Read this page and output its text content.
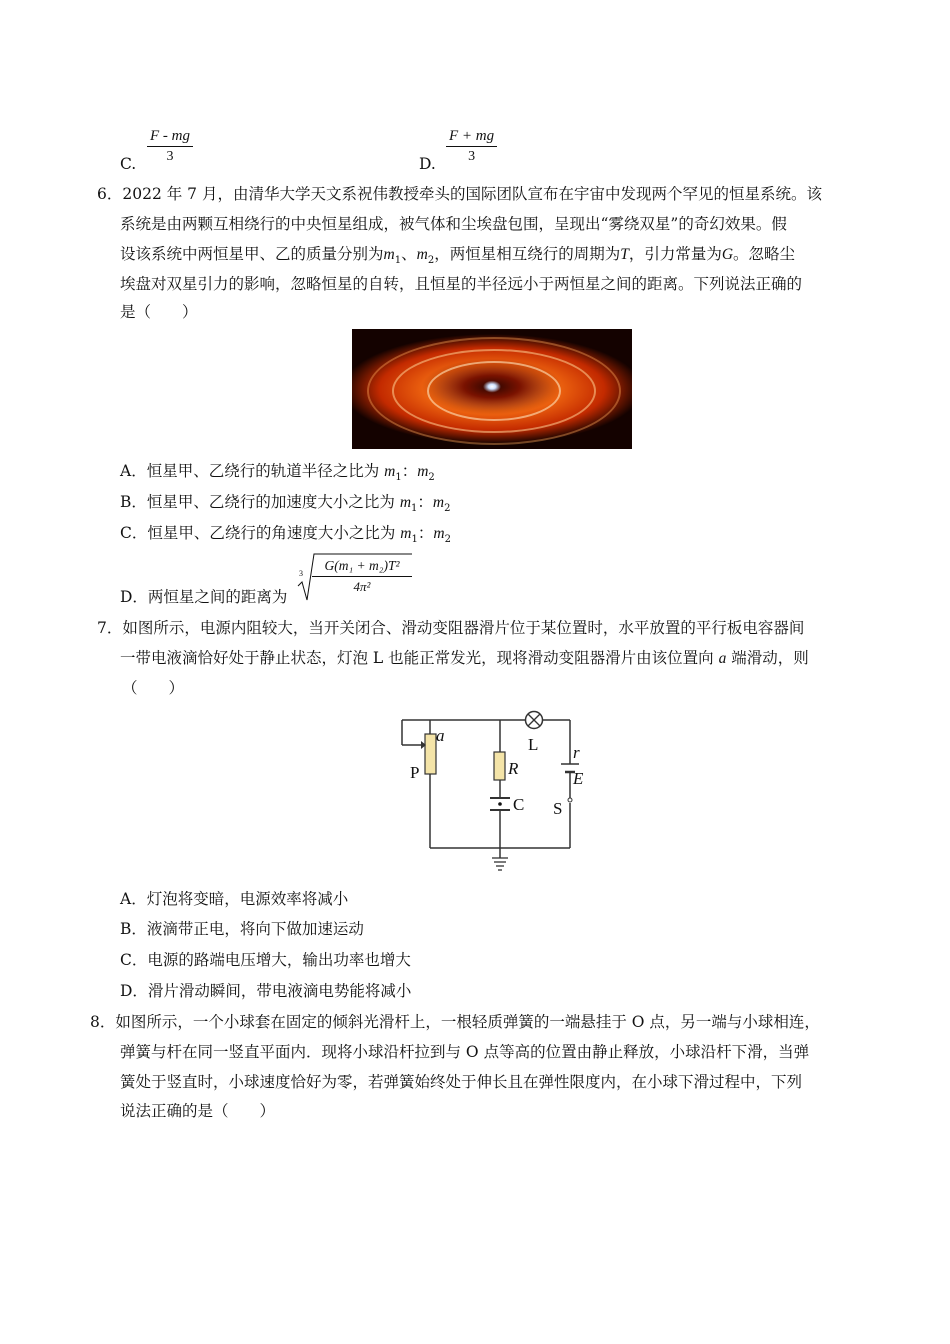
$\frac{F - mg}{3}$
C.	$\frac{F + mg}{3}$
D.
6．2022 年 7 月，由清华大学天文系祝伟教授牵头的国际团队宣布在宇宙中发现两个罕见的恒星系统。该
系统是由两颗互相绕行的中央恒星组成，被气体和尘埃盘包围，呈现出“雾绕双星”的奇幻效果。假
设该系统中两恒星甲、乙的质量分别为$m_1$、$m_2$，两恒星相互绕行的周期为T，引力常量为G。忽略尘
埃盘对双星引力的影响，忽略恒星的自转，且恒星的半径远小于两恒星之间的距离。下列说法正确的
是（　　）
A．恒星甲、乙绕行的轨道半径之比为 $m_1$：$m_2$
B．恒星甲、乙绕行的加速度大小之比为 $m_1$：$m_2$
C．恒星甲、乙绕行的角速度大小之比为 $m_1$：$m_2$
D．两恒星之间的距离为
$3 \frac{\text{G(m₁ + m₂)T²}}{\text{4π²}}$
7．如图所示，电源内阻较大，当开关闭合、滑动变阻器滑片位于某位置时，水平放置的平行板电容器间
一带电液滴恰好处于静止状态，灯泡 L 也能正常发光，现将滑动变阻器滑片由该位置向 a 端滑动，则
（　　）
a
P	R
C
L r
E
S
A．灯泡将变暗，电源效率将减小
B．液滴带正电，将向下做加速运动
C．电源的路端电压增大，输出功率也增大
D．滑片滑动瞬间，带电液滴电势能将减小
8．如图所示，一个小球套在固定的倾斜光滑杆上，一根轻质弹簧的一端悬挂于 O 点，另一端与小球相连，
弹簧与杆在同一竖直平面内．现将小球沿杆拉到与 O 点等高的位置由静止释放，小球沿杆下滑，当弹
簧处于竖直时，小球速度恰好为零，若弹簧始终处于伸长且在弹性限度内，在小球下滑过程中，下列
说法正确的是（　　）
